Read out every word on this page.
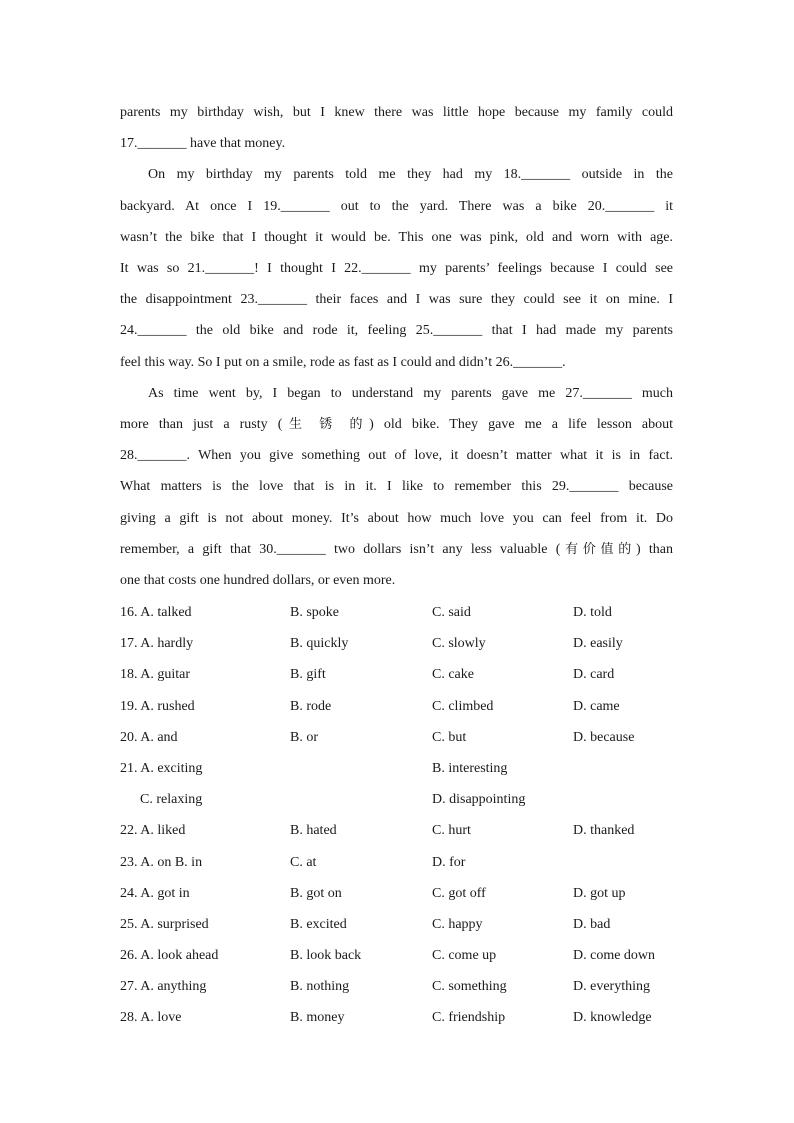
parents my birthday wish, but I knew there was little hope because my family could
17._______ have that money.
On my birthday my parents told me they had my 18._______ outside in the
backyard. At once I 19._______ out to the yard. There was a bike 20._______ it
wasn’t the bike that I thought it would be. This one was pink, old and worn with age.
It was so 21._______! I thought I 22._______ my parents’ feelings because I could see
the disappointment 23._______ their faces and I was sure they could see it on mine. I
24._______ the old bike and rode it, feeling 25._______ that I had made my parents
feel this way. So I put on a smile, rode as fast as I could and didn’t 26._______.
As time went by, I began to understand my parents gave me 27._______ much
more than just a rusty (生 锈 的) old bike. They gave me a life lesson about
28._______. When you give something out of love, it doesn’t matter what it is in fact.
What matters is the love that is in it. I like to remember this 29._______ because
giving a gift is not about money. It’s about how much love you can feel from it. Do
remember, a gift that 30._______ two dollars isn’t any less valuable (有价值的) than
one that costs one hundred dollars, or even more.
16. A. talked	B. spoke	C. said	D. told
17. A. hardly	B. quickly	C. slowly	D. easily
18. A. guitar	B. gift	C. cake	D. card
19. A. rushed	B. rode	C. climbed	D. came
20. A. and	B. or	C. but	D. because
21. A. exciting	B. interesting
C. relaxing	D. disappointing
22. A. liked	B. hated	C. hurt	D. thanked
23. A. on B. in	C. at	D. for
24. A. got in	B. got on	C. got off	D. got up
25. A. surprised	B. excited	C. happy	D. bad
26. A. look ahead	B. look back	C. come up	D. come down
27. A. anything	B. nothing	C. something	D. everything
28. A. love	B. money	C. friendship	D. knowledge
